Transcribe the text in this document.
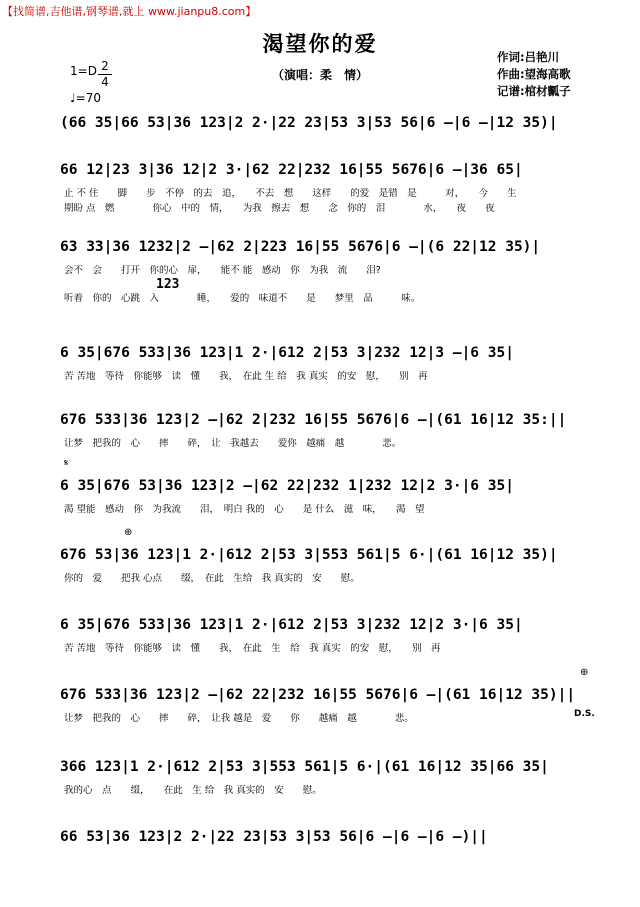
【找简谱,吉他谱,钢琴谱,就上 www.jianpu8.com】
渴望你的爱
（演唱：柔　情）
作词:吕艳川
作曲:望海高歌
记谱:棺材瓤子
1=D 2
4
♩=70
(66 35|66 53|36 123|2 2·|22 23|53 3|53 56|6 –|6 –|12 35)|
66 12|23 3|36 12|2 3·|62 22|232 16|55 5676|6 –|36 65|
止 不 住　　脚　　步　不停　的去　追，　　不去　想　　这样　　的爱　是错　是　　　对，　　今　　生
期盼 点　燃　　　　你心　中的　情，　　为我　擦去　想　　念　你的　泪　　　　水，　　夜　　夜
63 33|36 1232|2 –|62 2|223 16|55 5676|6 –|(6 22|12 35)|
会不　会　　打开　你的心　扉，　　能不 能　感动　你　为我　流　　泪?
123
听着　你的　心跳　入　　　　睡，　　爱的　味道不　　是　　梦里　品　　　味。
6 35|676 533|36 123|1 2·|612 2|53 3|232 12|3 –|6 35|
苦 苦地　等待　你能够　读　懂　　我，　在此 生 给　我 真实　的安　慰，　　别　再
676 533|36 123|2 –|62 2|232 16|55 5676|6 –|(61 16|12 35:||
让梦　把我的　心　　摔　　碎，　让　我越去　　爱你　越痛　越　　　　悲。
𝄋
6 35|676 53|36 123|2 –|62 22|232 1|232 12|2 3·|6 35|
渴 望能　感动　你　为我流　　泪，　明白 我的　心　　是 什么　滋　味，　　渴　望
⊕
676 53|36 123|1 2·|612 2|53 3|553 561|5 6·|(61 16|12 35)|
你的　爱　　把我 心点　　缀，　在此　生给　我 真实的　安　　慰。
6 35|676 533|36 123|1 2·|612 2|53 3|232 12|2 3·|6 35|
苦 苦地　等待　你能够　读　懂　　我，　在此　生　给　我 真实　的安　慰，　　别　再
⊕
676 533|36 123|2 –|62 22|232 16|55 5676|6 –|(61 16|12 35)||
让梦　把我的　心　　摔　　碎，　让我 越是　爱　　你　　越痛　越　　　　悲。	D.S.
366 123|1 2·|612 2|53 3|553 561|5 6·|(61 16|12 35|66 35|
我的心　点　　缀，　　在此　生 给　我 真实的　安　　慰。
66 53|36 123|2 2·|22 23|53 3|53 56|6 –|6 –|6 –)||
